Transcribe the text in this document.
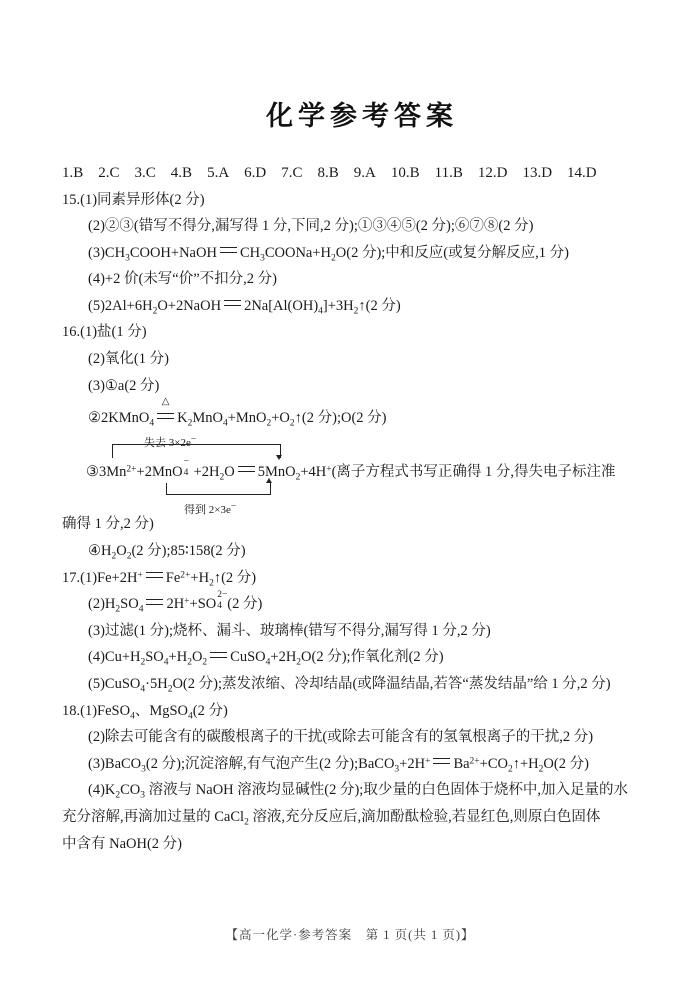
化学参考答案
1.B 2.C 3.C 4.B 5.A 6.D 7.C 8.B 9.A 10.B 11.B 12.D 13.D 14.D
15.(1)同素异形体(2 分)
(2)②③(错写不得分,漏写得 1 分,下同,2 分);①③④⑤(2 分);⑥⑦⑧(2 分)
$(3)CH_3COOH+NaOH$ $CH_3COONa+H_2O(2$ 分);中和反应(或复分解反应,1 分)
(4)+2 价(未写“价”不扣分,2 分)
$(5)2Al+6H_2O+2NaOH$ $2Na[Al(OH)_4]+3H_2↑(2$ 分)
16.(1)盐(1 分)
(2)氧化(1 分)
(3)①a(2 分)
②2KMnO$_4$
△
$K_2MnO_4+MnO_2+O_2↑(2$ 分);O(2 分)
$③3Mn^{2+}+2MnO$
−
$4 +2H_2O$ 5MnO$_2$+4H+(离子方程式书写正确得 1 分,得失电子标注准
失去 3×2e−
得到 2×3e−
确得 1 分,2 分)
$④H_2O_2(2$ 分);85∶158(2 分)
17.(1)Fe+2H+ $Fe^{2+}+H_2↑(2$ 分)
$(2)H_2SO_4$ 2H++SO
2−
4 (2 分)
(3)过滤(1 分);烧杯、漏斗、玻璃棒(错写不得分,漏写得 1 分,2 分)
$(4)Cu+H_2SO_4+H_2O_2$ $CuSO_4+2H_2O(2$ 分);作氧化剂(2 分)
$(5)CuSO_4\cdot 5H_2O(2$ 分);蒸发浓缩、冷却结晶(或降温结晶,若答“蒸发结晶”给 1 分,2 分)
18.(1)FeSO$_4$、MgSO$_4$(2 分)
(2)除去可能含有的碳酸根离子的干扰(或除去可能含有的氢氧根离子的干扰,2 分)
(3)BaCO$_3$(2 分);沉淀溶解,有气泡产生(2 分);BaCO$_3$+2H+ $Ba^{2+}+CO_2↑+H_2O(2$ 分)
$(4)K_2CO_3$ 溶液与 NaOH 溶液均显碱性(2 分);取少量的白色固体于烧杯中,加入足量的水
充分溶解,再滴加过量的 CaCl$_2$ 溶液,充分反应后,滴加酚酞检验,若显红色,则原白色固体
中含有 NaOH(2 分)
【高一化学·参考答案　第 1 页(共 1 页)】
